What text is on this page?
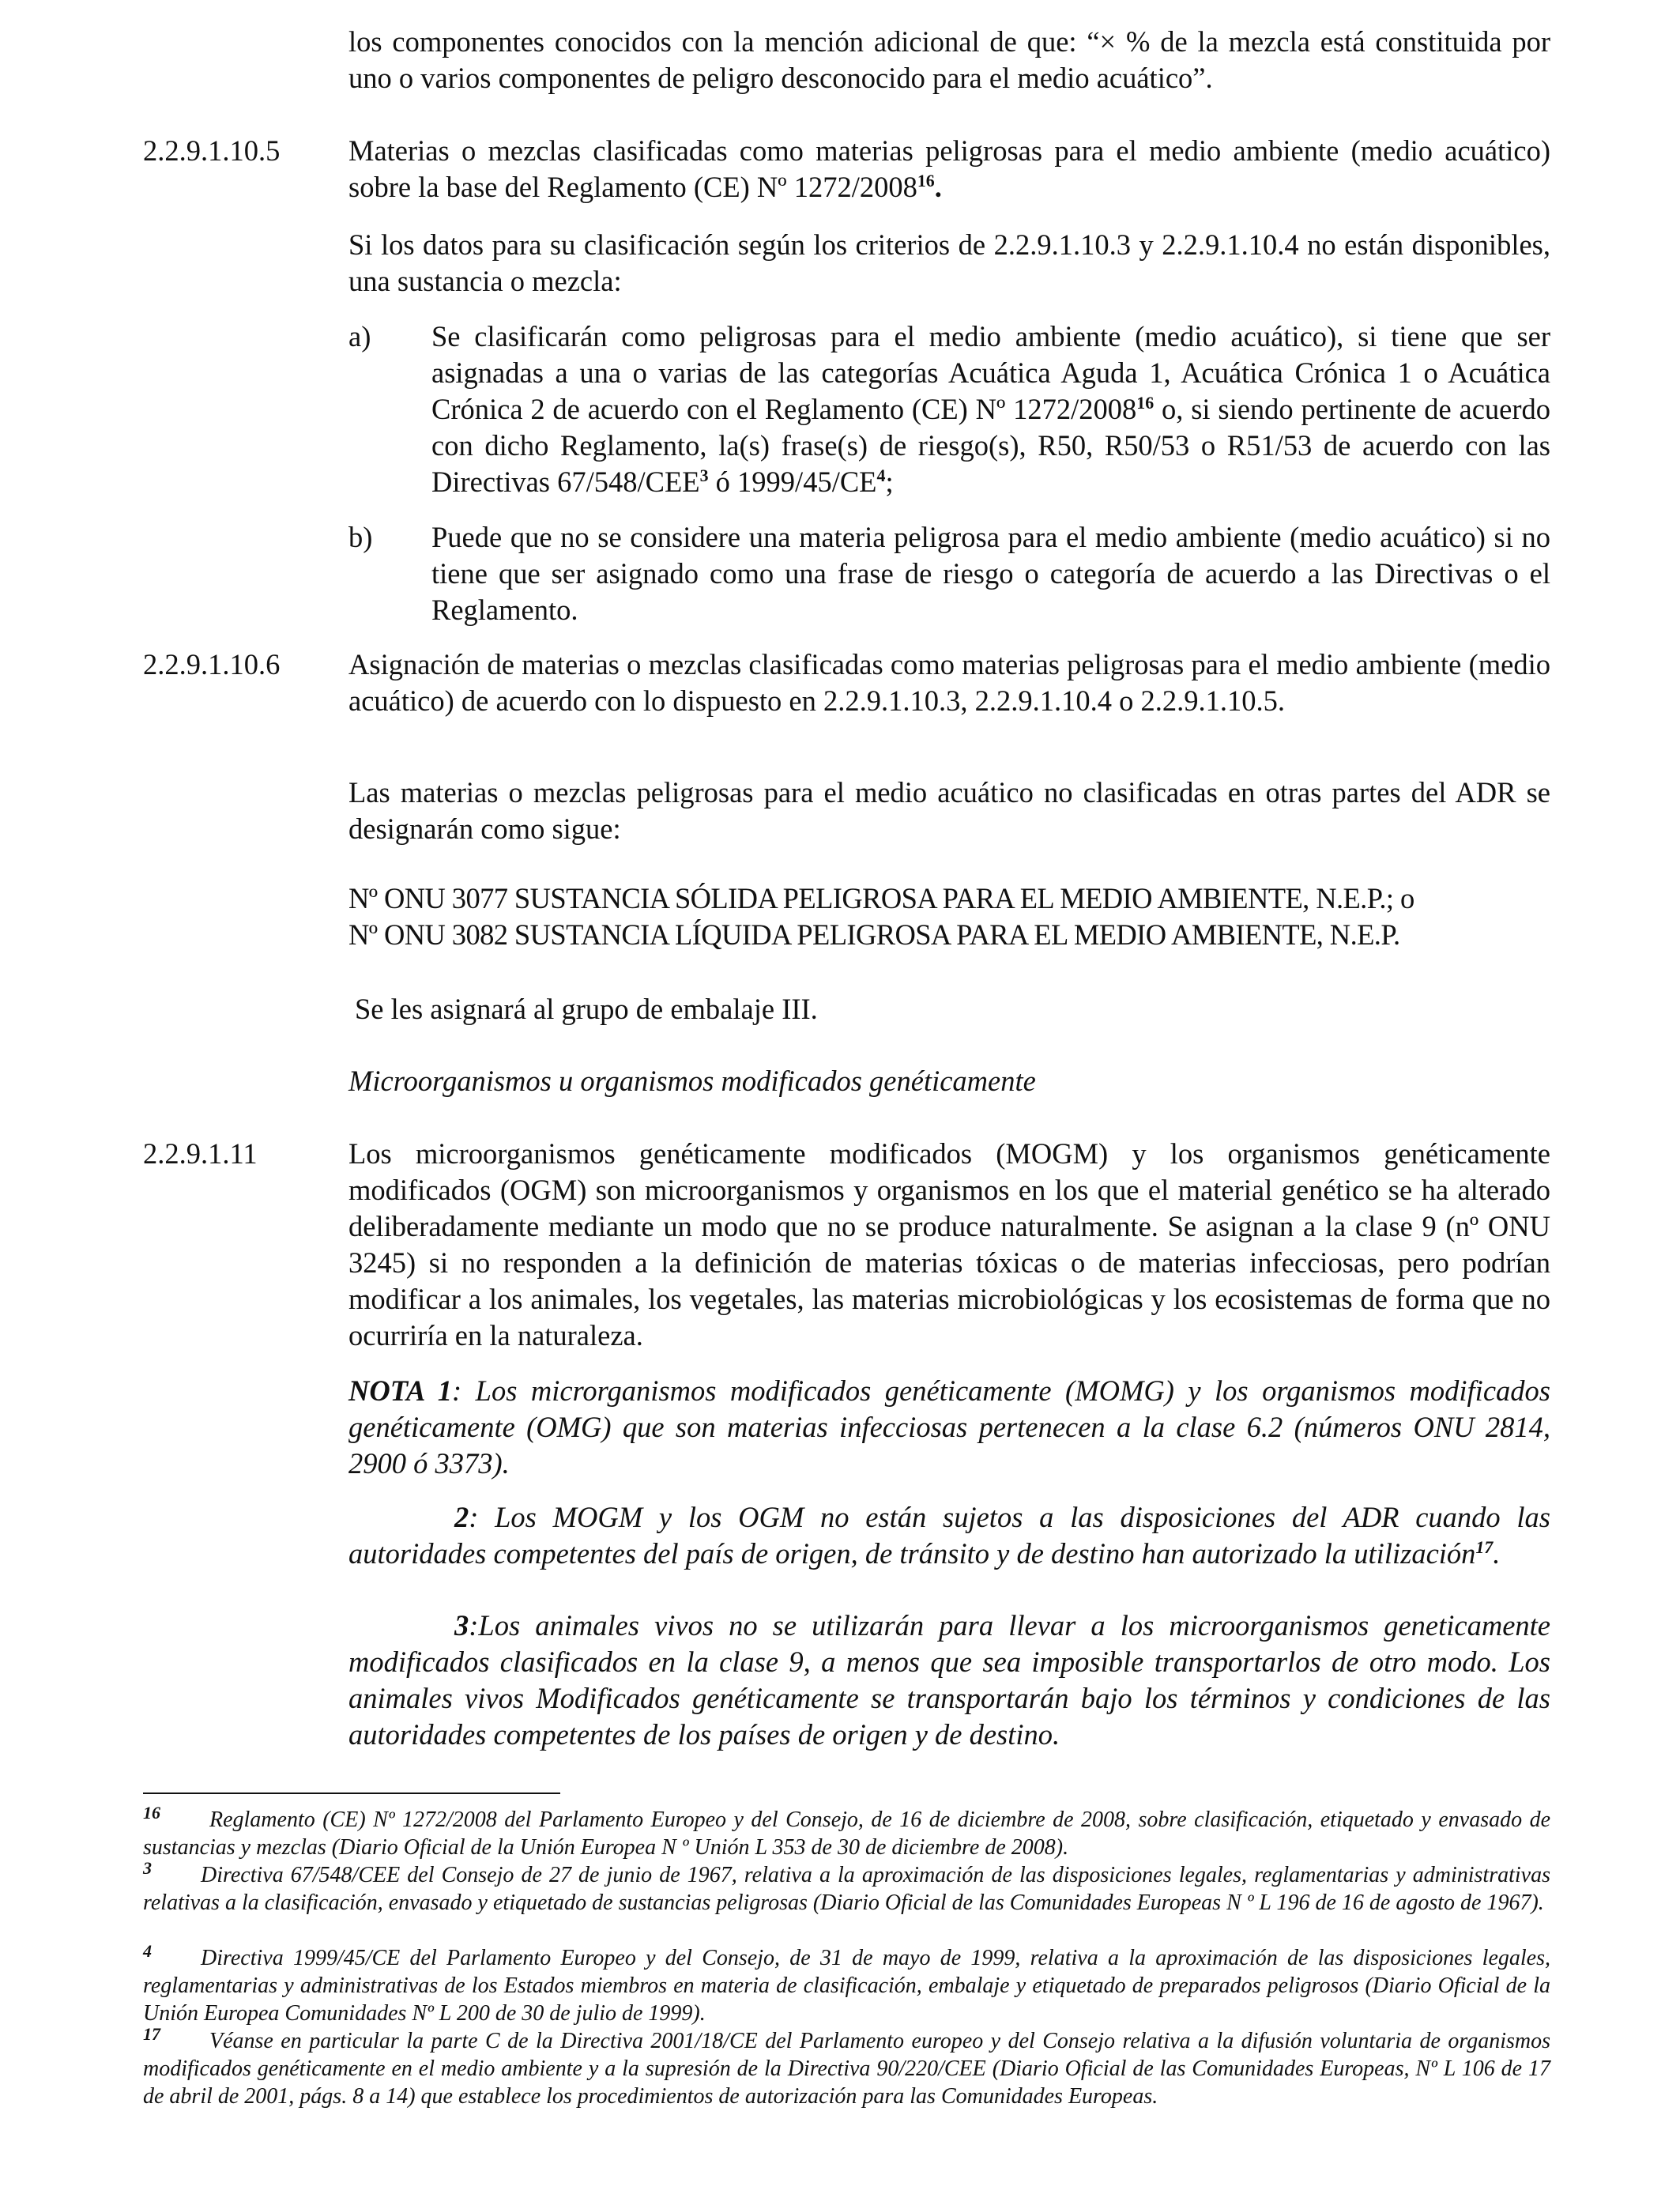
los componentes conocidos con la mención adicional de que: “× % de la mezcla está constituida por uno o varios componentes de peligro desconocido para el medio acuático”.

2.2.9.1.10.5 Materias o mezclas clasificadas como materias peligrosas para el medio ambiente (medio acuático) sobre la base del Reglamento (CE) Nº 1272/2008$^{16}$.

Si los datos para su clasificación según los criterios de 2.2.9.1.10.3 y 2.2.9.1.10.4 no están disponibles, una sustancia o mezcla:

a) Se clasificarán como peligrosas para el medio ambiente (medio acuático), si tiene que ser asignadas a una o varias de las categorías Acuática Aguda 1, Acuática Crónica 1 o Acuática Crónica 2 de acuerdo con el Reglamento (CE) Nº 1272/2008$^{16}$ o, si siendo pertinente de acuerdo con dicho Reglamento, la(s) frase(s) de riesgo(s), R50, R50/53 o R51/53 de acuerdo con las Directivas 67/548/CEE$^3$ ó $1999/45/CE^4$;

b) Puede que no se considere una materia peligrosa para el medio ambiente (medio acuático) si no tiene que ser asignado como una frase de riesgo o categoría de acuerdo a las Directivas o el Reglamento.

2.2.9.1.10.6 Asignación de materias o mezclas clasificadas como materias peligrosas para el medio ambiente (medio acuático) de acuerdo con lo dispuesto en 2.2.9.1.10.3, 2.2.9.1.10.4 o 2.2.9.1.10.5.

Las materias o mezclas peligrosas para el medio acuático no clasificadas en otras partes del ADR se designarán como sigue:

Nº ONU 3077 SUSTANCIA SÓLIDA PELIGROSA PARA EL MEDIO AMBIENTE, N.E.P.; o

Nº ONU 3082 SUSTANCIA LÍQUIDA PELIGROSA PARA EL MEDIO AMBIENTE, N.E.P.

Se les asignará al grupo de embalaje III.

Microorganismos u organismos modificados genéticamente

2.2.9.1.11	Los microorganismos genéticamente modificados (MOGM) y los organismos genéticamente modificados (OGM) son microorganismos y organismos en los que el material genético se ha alterado deliberadamente mediante un modo que no se produce naturalmente. Se asignan a la clase 9 (nº ONU 3245) si no responden a la definición de materias tóxicas o de materias infecciosas, pero podrían modificar a los animales, los vegetales, las materias microbiológicas y los ecosistemas de forma que no ocurriría en la naturaleza.

NOTA 1: Los microrganismos modificados genéticamente (MOMG) y los organismos modificados genéticamente (OMG) que son materias infecciosas pertenecen a la clase 6.2 (números ONU 2814, 2900 ó 3373).

2: Los MOGM y los OGM no están sujetos a las disposiciones del ADR cuando las autoridades competentes del país de origen, de tránsito y de destino han autorizado la utilización$^{17}$.

3:Los animales vivos no se utilizarán para llevar a los microorganismos geneticamente modificados clasificados en la clase 9, a menos que sea imposible transportarlos de otro modo. Los animales vivos Modificados genéticamente se transportarán bajo los términos y condiciones de las autoridades competentes de los países de origen y de destino.

$^{16}$ Reglamento (CE) Nº 1272/2008 del Parlamento Europeo y del Consejo, de 16 de diciembre de 2008, sobre clasificación, etiquetado y envasado de sustancias y mezclas (Diario Oficial de la Unión Europea N º Unión L 353 de 30 de diciembre de 2008).

$^3$ Directiva 67/548/CEE del Consejo de 27 de junio de 1967, relativa a la aproximación de las disposiciones legales, reglamentarias y administrativas relativas a la clasificación, envasado y etiquetado de sustancias peligrosas (Diario Oficial de las Comunidades Europeas N º L 196 de 16 de agosto de 1967).

$^4$ Directiva 1999/45/CE del Parlamento Europeo y del Consejo, de 31 de mayo de 1999, relativa a la aproximación de las disposiciones legales, reglamentarias y administrativas de los Estados miembros en materia de clasificación, embalaje y etiquetado de preparados peligrosos (Diario Oficial de la Unión Europea Comunidades Nº L 200 de 30 de julio de 1999).

$^{17}$ Véanse en particular la parte C de la Directiva 2001/18/CE del Parlamento europeo y del Consejo relativa a la difusión voluntaria de organismos modificados genéticamente en el medio ambiente y a la supresión de la Directiva 90/220/CEE (Diario Oficial de las Comunidades Europeas, Nº L 106 de 17 de abril de 2001, págs. 8 a 14) que establece los procedimientos de autorización para las Comunidades Europeas.
